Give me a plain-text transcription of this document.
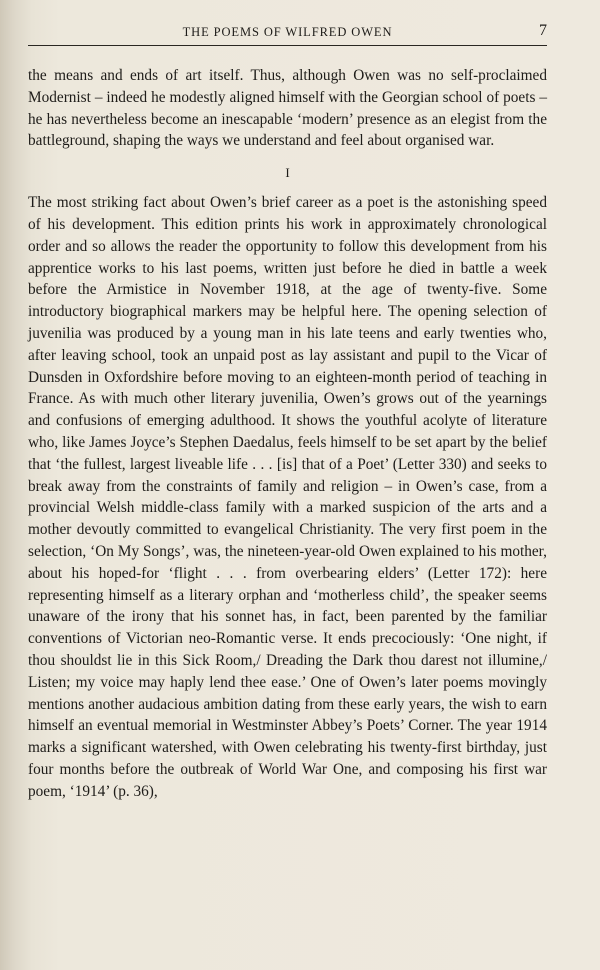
THE POEMS OF WILFRED OWEN	7

the means and ends of art itself. Thus, although Owen was no self-proclaimed Modernist – indeed he modestly aligned himself with the Georgian school of poets – he has nevertheless become an inescapable ‘modern’ presence as an elegist from the battleground, shaping the ways we understand and feel about organised war.

I

The most striking fact about Owen’s brief career as a poet is the astonishing speed of his development. This edition prints his work in approximately chronological order and so allows the reader the opportunity to follow this development from his apprentice works to his last poems, written just before he died in battle a week before the Armistice in November 1918, at the age of twenty-five. Some introductory biographical markers may be helpful here. The opening selection of juvenilia was produced by a young man in his late teens and early twenties who, after leaving school, took an unpaid post as lay assistant and pupil to the Vicar of Dunsden in Oxfordshire before moving to an eighteen-month period of teaching in France. As with much other literary juvenilia, Owen’s grows out of the yearnings and confusions of emerging adulthood. It shows the youthful acolyte of literature who, like James Joyce’s Stephen Daedalus, feels himself to be set apart by the belief that ‘the fullest, largest liveable life . . . [is] that of a Poet’ (Letter 330) and seeks to break away from the constraints of family and religion – in Owen’s case, from a provincial Welsh middle-class family with a marked suspicion of the arts and a mother devoutly committed to evangelical Christianity. The very first poem in the selection, ‘On My Songs’, was, the nineteen-year-old Owen explained to his mother, about his hoped-for ‘flight . . . from overbearing elders’ (Letter 172): here representing himself as a literary orphan and ‘motherless child’, the speaker seems unaware of the irony that his sonnet has, in fact, been parented by the familiar conventions of Victorian neo-Romantic verse. It ends precociously: ‘One night, if thou shouldst lie in this Sick Room,/ Dreading the Dark thou darest not illumine,/ Listen; my voice may haply lend thee ease.’ One of Owen’s later poems movingly mentions another audacious ambition dating from these early years, the wish to earn himself an eventual memorial in Westminster Abbey’s Poets’ Corner. The year 1914 marks a significant watershed, with Owen celebrating his twenty-first birthday, just four months before the outbreak of World War One, and composing his first war poem, ‘1914’ (p. 36),
